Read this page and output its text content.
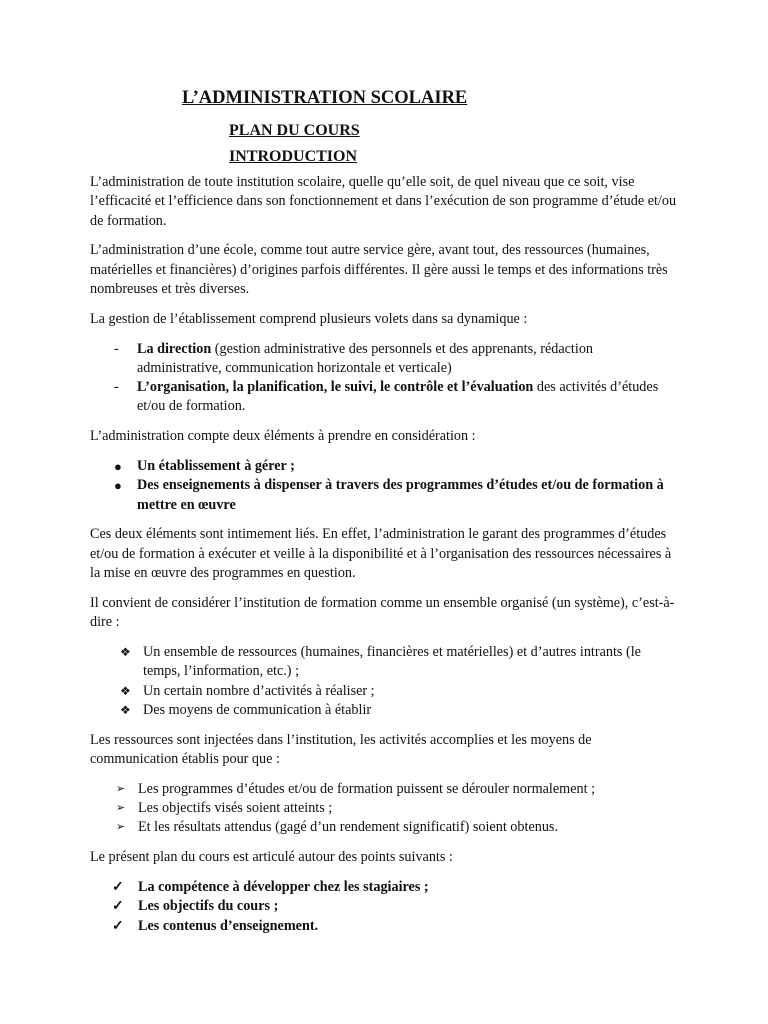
L’ADMINISTRATION SCOLAIRE
PLAN DU COURS
INTRODUCTION

L’administration de toute institution scolaire, quelle qu’elle soit, de quel niveau que ce soit, vise l’efficacité et l’efficience dans son fonctionnement et dans l’exécution de son programme d’étude et/ou de formation.

L’administration d’une école, comme tout autre service gère, avant tout, des ressources (humaines, matérielles et financières) d’origines parfois différentes. Il gère aussi le temps et des informations très nombreuses et très diverses.

La gestion de l’établissement comprend plusieurs volets dans sa dynamique :

-	La direction (gestion administrative des personnels et des apprenants, rédaction administrative, communication horizontale et verticale)
-	L’organisation, la planification, le suivi, le contrôle et l’évaluation des activités d’études et/ou de formation.

L’administration compte deux éléments à prendre en considération :

●	Un établissement à gérer ;
●	Des enseignements à dispenser à travers des programmes d’études et/ou de formation à mettre en œuvre

Ces deux éléments sont intimement liés. En effet, l’administration le garant des programmes d’études et/ou de formation à exécuter et veille à la disponibilité et à l’organisation des ressources nécessaires à la mise en œuvre des programmes en question.

Il convient de considérer l’institution de formation comme un ensemble organisé (un système), c’est-à-dire :

❖ Un ensemble de ressources (humaines, financières et matérielles) et d’autres intrants (le temps, l’information, etc.) ;
❖ Un certain nombre d’activités à réaliser ;
❖ Des moyens de communication à établir

Les ressources sont injectées dans l’institution, les activités accomplies et les moyens de communication établis pour que :

➢ Les programmes d’études et/ou de formation puissent se dérouler normalement ;
➢ Les objectifs visés soient atteints ;
➢ Et les résultats attendus (gagé d’un rendement significatif) soient obtenus.

Le présent plan du cours est articulé autour des points suivants :

✓	La compétence à développer chez les stagiaires ;
✓	Les objectifs du cours ;
✓	Les contenus d’enseignement.
